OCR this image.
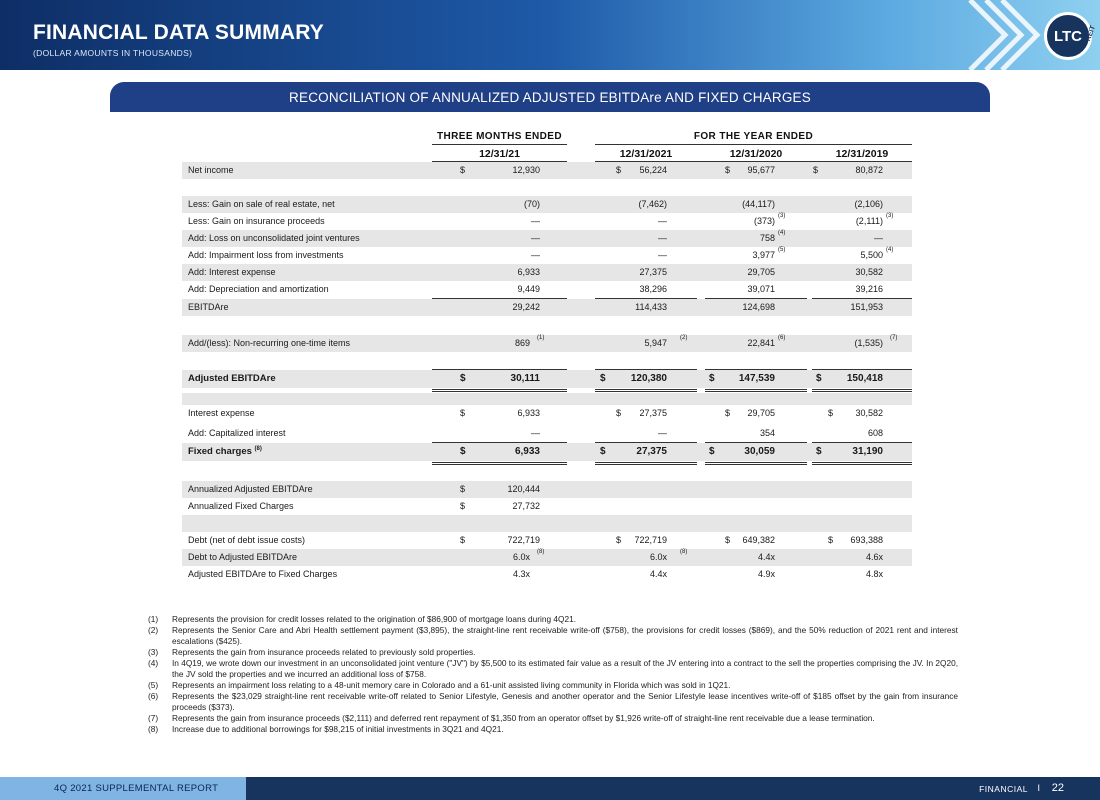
FINANCIAL DATA SUMMARY
(DOLLAR AMOUNTS IN THOUSANDS)
LTC REIT
RECONCILIATION OF ANNUALIZED ADJUSTED EBITDAre AND FIXED CHARGES
THREE MONTHS ENDED	FOR THE YEAR ENDED
12/31/21	12/31/2021	12/31/2020	12/31/2019
Net income	$	12,930	$	56,224	$	95,677	$	80,872
Less: Gain on sale of real estate, net	(70)	(7,462)	(44,117)	(2,106)
Less: Gain on insurance proceeds	—	—	(373) (3)	(2,111) (3)
Add: Loss on unconsolidated joint ventures	—	—	758 (4)	—
Add: Impairment loss from investments	—	—	3,977 (5)	5,500 (4)
Add: Interest expense	6,933	27,375	29,705	30,582
Add: Depreciation and amortization	9,449	38,296	39,071	39,216
EBITDAre	29,242	114,433	124,698	151,953
Add/(less): Non-recurring one-time items	869 (1)	5,947 (2)	22,841 (6)	(1,535) (7)
Adjusted EBITDAre	$	30,111	$	120,380	$	147,539	$	150,418
Interest expense	$	6,933	$	27,375	$	29,705	$	30,582
Add: Capitalized interest	—	—	354	608
Fixed charges $^{(8)}$	$	6,933	$	27,375	$	30,059	$	31,190
Annualized Adjusted EBITDAre	$	120,444
Annualized Fixed Charges	$	27,732
Debt (net of debt issue costs)	$	722,719	$	722,719	$	649,382	$	693,388
Debt to Adjusted EBITDAre	6.0x (8)	6.0x (8)	4.4x	4.6x
Adjusted EBITDAre to Fixed Charges	4.3x	4.4x	4.9x	4.8x
(1)	Represents the provision for credit losses related to the origination of $86,900 of mortgage loans during 4Q21.
(2)	Represents the Senior Care and Abri Health settlement payment ($3,895), the straight-line rent receivable write-off ($758), the provisions for credit losses ($869), and the 50% reduction of 2021 rent and interest escalations ($425).
(3)	Represents the gain from insurance proceeds related to previously sold properties.
(4)	In 4Q19, we wrote down our investment in an unconsolidated joint venture ("JV") by $5,500 to its estimated fair value as a result of the JV entering into a contract to the sell the properties comprising the JV. In 2Q20, the JV sold the properties and we incurred an additional loss of $758.
(5)	Represents an impairment loss relating to a 48-unit memory care in Colorado and a 61-unit assisted living community in Florida which was sold in 1Q21.
(6)	Represents the $23,029 straight-line rent receivable write-off related to Senior Lifestyle, Genesis and another operator and the Senior Lifestyle lease incentives write-off of $185 offset by the gain from insurance proceeds ($373).
(7)	Represents the gain from insurance proceeds ($2,111) and deferred rent repayment of $1,350 from an operator offset by $1,926 write-off of straight-line rent receivable due a lease termination.
(8)	Increase due to additional borrowings for $98,215 of initial investments in 3Q21 and 4Q21.
4Q 2021 SUPPLEMENTAL REPORT	FINANCIAL I 22
